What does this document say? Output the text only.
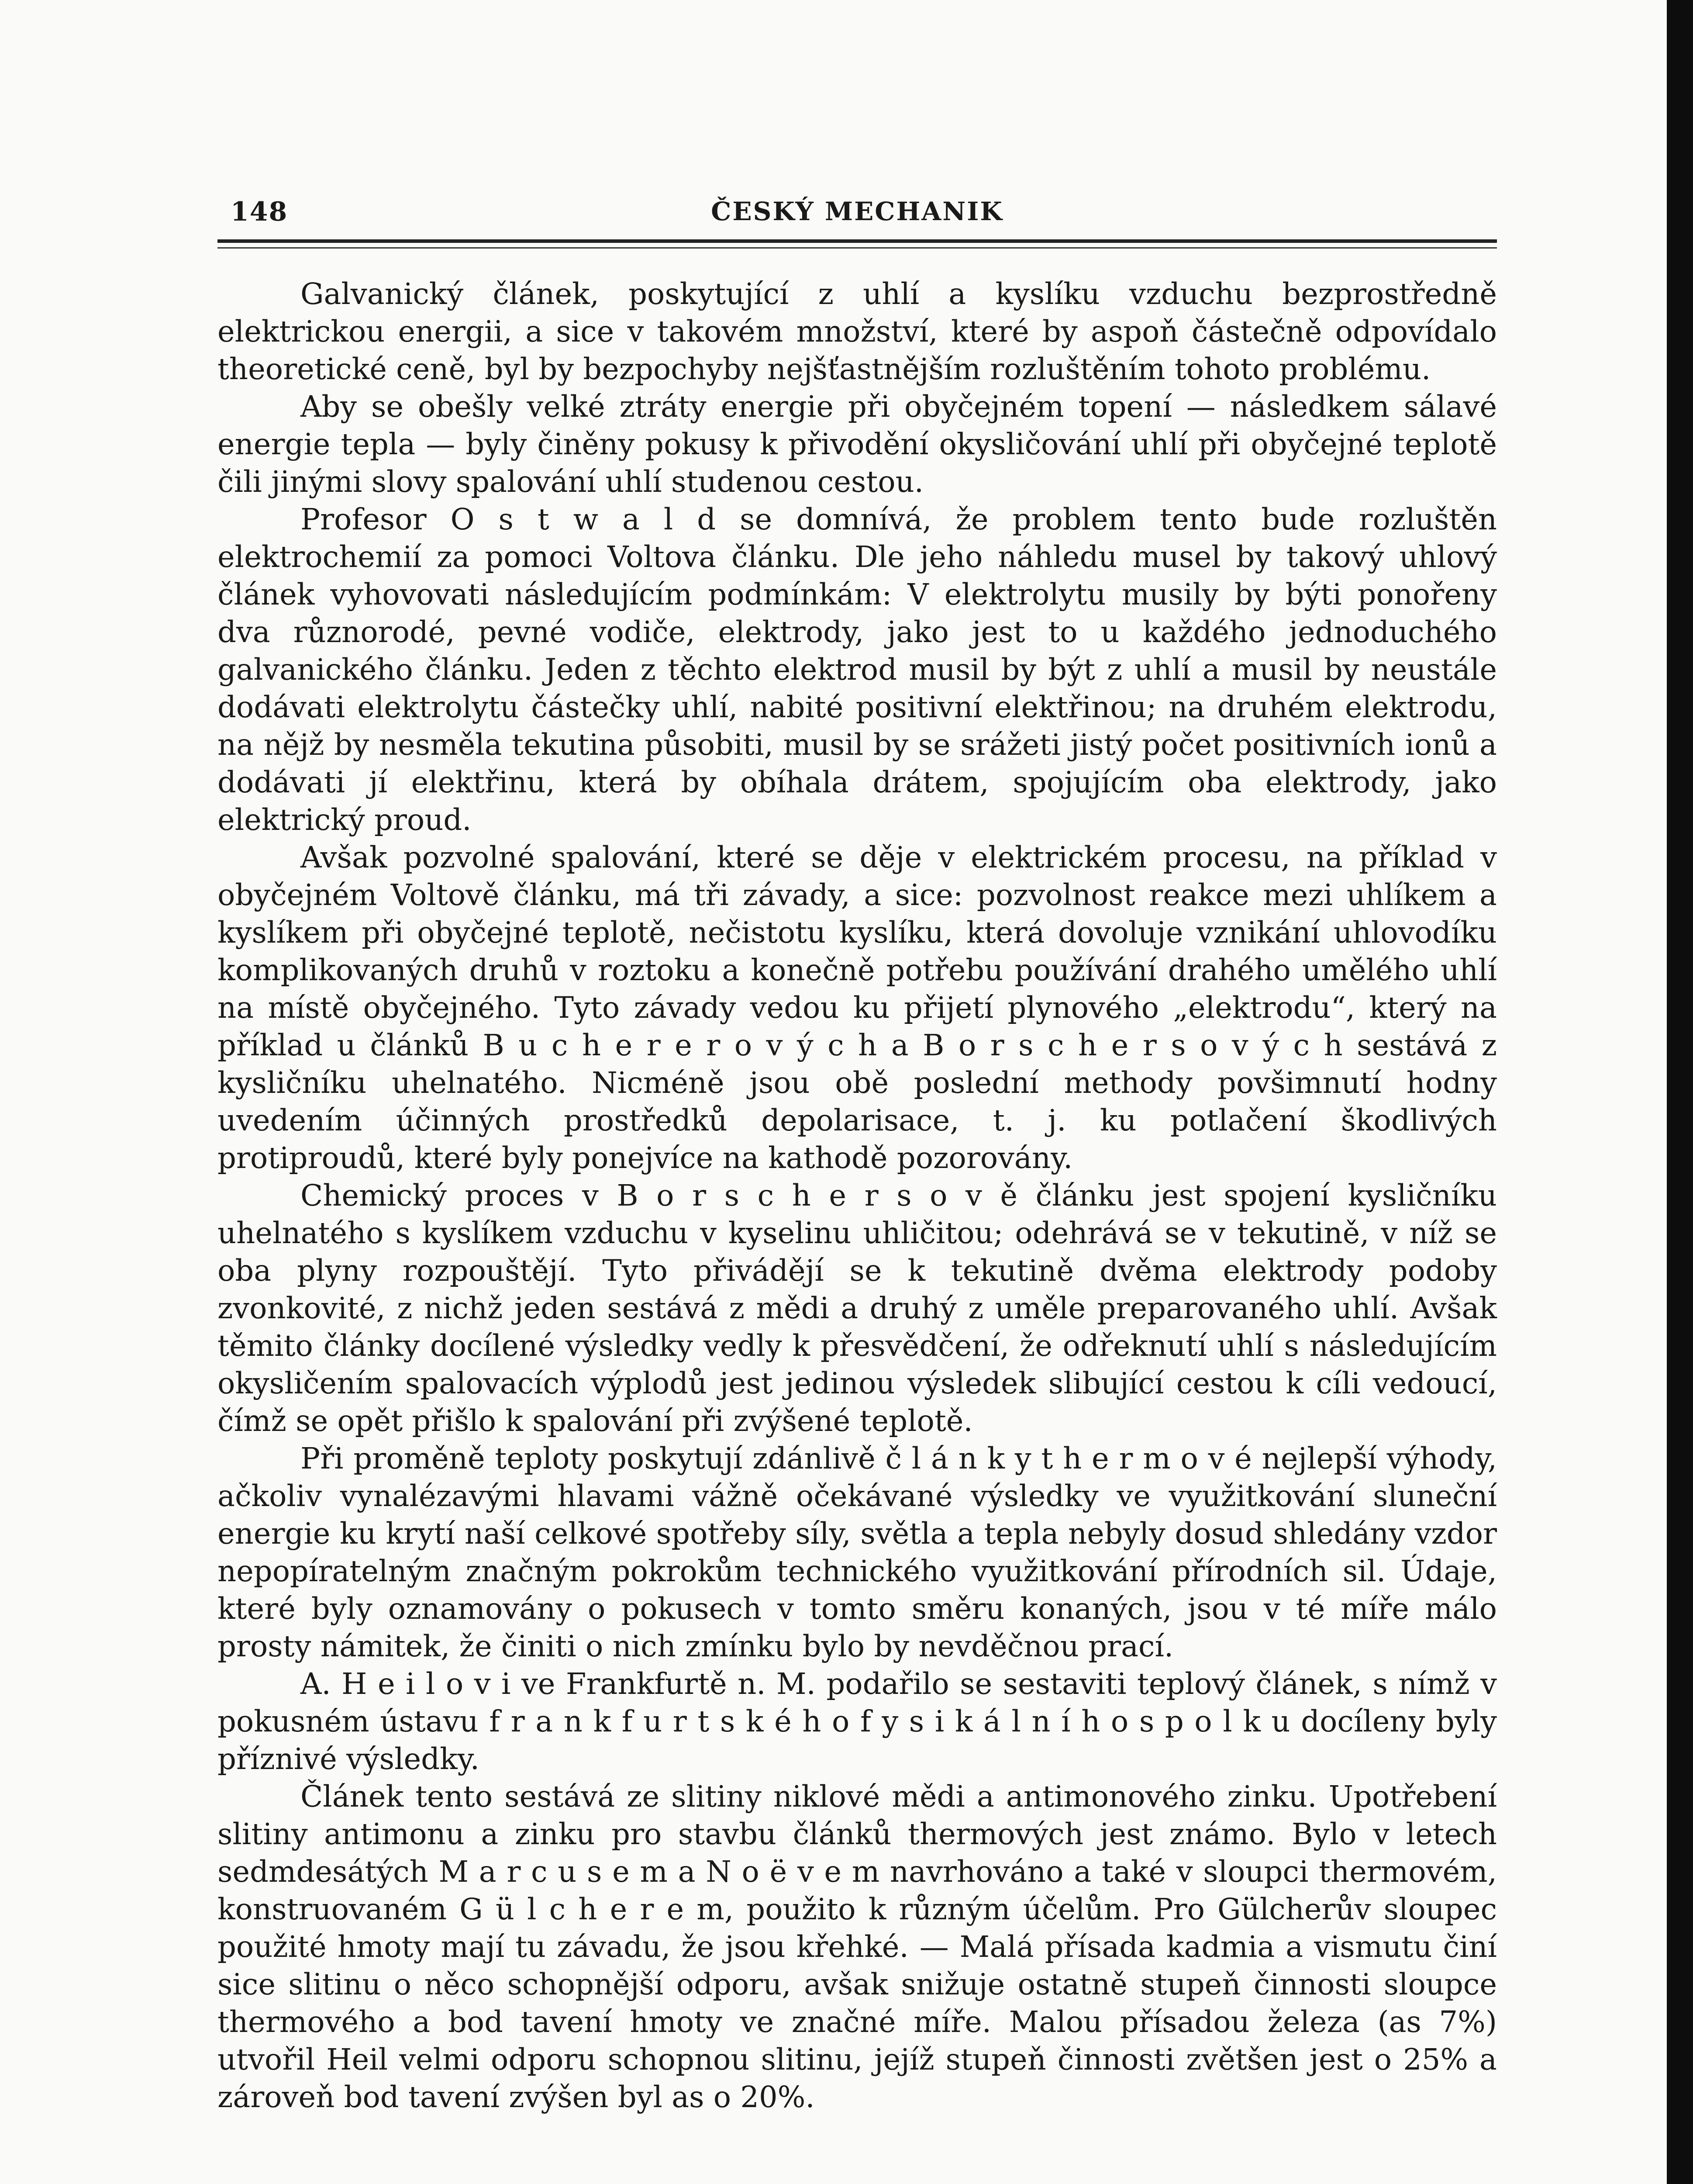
148	ČESKÝ MECHANIK

Galvanický článek, poskytující z uhlí a kyslíku vzduchu bezprostředně elektrickou energii, a sice v takovém množství, které by aspoň částečně odpovídalo theoretické ceně, byl by bezpochyby nejšťastnějším rozluštěním tohoto problému.

Aby se obešly velké ztráty energie při obyčejném topení — následkem sálavé energie tepla — byly činěny pokusy k přivodění okysličování uhlí při obyčejné teplotě čili jinými slovy spalování uhlí studenou cestou.

Profesor O s t w a l d se domnívá, že problem tento bude rozluštěn elektrochemií za pomoci Voltova článku. Dle jeho náhledu musel by takový uhlový článek vyhovovati následujícím podmínkám: V elektrolytu musily by býti ponořeny dva různorodé, pevné vodiče, elektrody, jako jest to u každého jednoduchého galvanického článku. Jeden z těchto elektrod musil by být z uhlí a musil by neustále dodávati elektrolytu částečky uhlí, nabité positivní elektřinou; na druhém elektrodu, na nějž by nesměla tekutina působiti, musil by se srážeti jistý počet positivních ionů a dodávati jí elektřinu, která by obíhala drátem, spojujícím oba elektrody, jako elektrický proud.

Avšak pozvolné spalování, které se děje v elektrickém procesu, na příklad v obyčejném Voltově článku, má tři závady, a sice: pozvolnost reakce mezi uhlíkem a kyslíkem při obyčejné teplotě, nečistotu kyslíku, která dovoluje vznikání uhlovodíku komplikovaných druhů v roztoku a konečně potřebu používání drahého umělého uhlí na místě obyčejného. Tyto závady vedou ku přijetí plynového „elektrodu“, který na příklad u článků B u c h e r e r o v ý c h a B o r s c h e r s o v ý c h sestává z kysličníku uhelnatého. Nicméně jsou obě poslední methody povšimnutí hodny uvedením účinných prostředků depolarisace, t. j. ku potlačení škodlivých protiproudů, které byly ponejvíce na kathodě pozorovány.

Chemický proces v B o r s c h e r s o v ě článku jest spojení kysličníku uhelnatého s kyslíkem vzduchu v kyselinu uhličitou; odehrává se v tekutině, v níž se oba plyny rozpouštějí. Tyto přivádějí se k tekutině dvěma elektrody podoby zvonkovité, z nichž jeden sestává z mědi a druhý z uměle preparovaného uhlí. Avšak těmito články docílené výsledky vedly k přesvědčení, že odřeknutí uhlí s následujícím okysličením spalovacích výplodů jest jedinou výsledek slibující cestou k cíli vedoucí, čímž se opět přišlo k spalování při zvýšené teplotě.

Při proměně teploty poskytují zdánlivě č l á n k y t h e r m o v é nejlepší výhody, ačkoliv vynalézavými hlavami vážně očekávané výsledky ve využitkování sluneční energie ku krytí naší celkové spotřeby síly, světla a tepla nebyly dosud shledány vzdor nepopíratelným značným pokrokům technického využitkování přírodních sil. Údaje, které byly oznamovány o pokusech v tomto směru konaných, jsou v té míře málo prosty námitek, že činiti o nich zmínku bylo by nevděčnou prací.

A. H e i l o v i ve Frankfurtě n. M. podařilo se sestaviti teplový článek, s nímž v pokusném ústavu f r a n k f u r t s k é h o f y s i k á l n í h o s p o l k u docíleny byly příznivé výsledky.

Článek tento sestává ze slitiny niklové mědi a antimonového zinku. Upotřebení slitiny antimonu a zinku pro stavbu článků thermových jest známo. Bylo v letech sedmdesátých M a r c u s e m a N o ë v e m navrhováno a také v sloupci thermovém, konstruovaném G ü l c h e r e m, použito k různým účelům. Pro Gülcherův sloupec použité hmoty mají tu závadu, že jsou křehké. — Malá přísada kadmia a vismutu činí sice slitinu o něco schopnější odporu, avšak snižuje ostatně stupeň činnosti sloupce thermového a bod tavení hmoty ve značné míře. Malou přísadou železa (as 7%) utvořil Heil velmi odporu schopnou slitinu, jejíž stupeň činnosti zvětšen jest o 25% a zároveň bod tavení zvýšen byl as o 20%.
